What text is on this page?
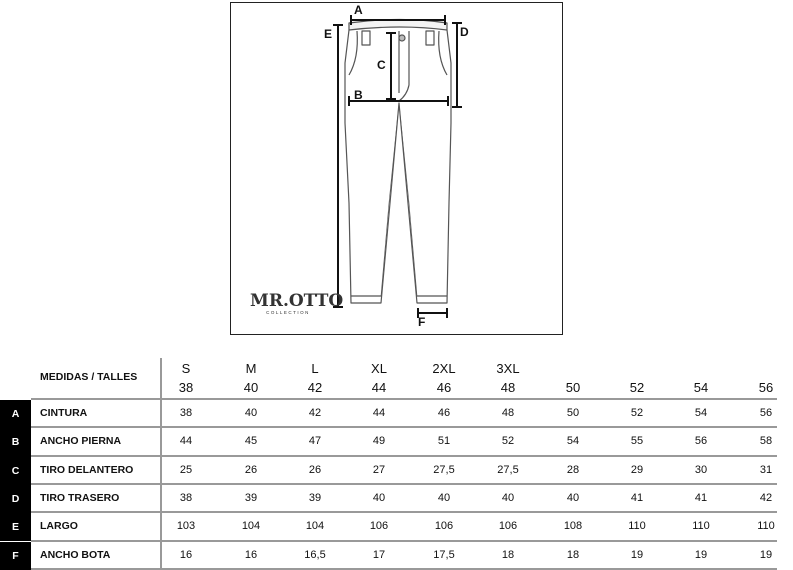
A
B
C
D
E
F
MR.OTTO
COLLECTION
MEDIDAS / TALLES
S	M	L	XL	2XL	3XL
38	40	42	44	46	48	50	52	54	56
A	CINTURA	38	40	42	44	46	48	50	52	54	56
B	ANCHO PIERNA	44	45	47	49	51	52	54	55	56	58
C	TIRO DELANTERO	25	26	26	27	27,5	27,5	28	29	30	31
D	TIRO TRASERO	38	39	39	40	40	40	40	41	41	42
E	LARGO	103	104	104	106	106	106	108	110	110	110
F	ANCHO BOTA	16	16	16,5	17	17,5	18	18	19	19	19
